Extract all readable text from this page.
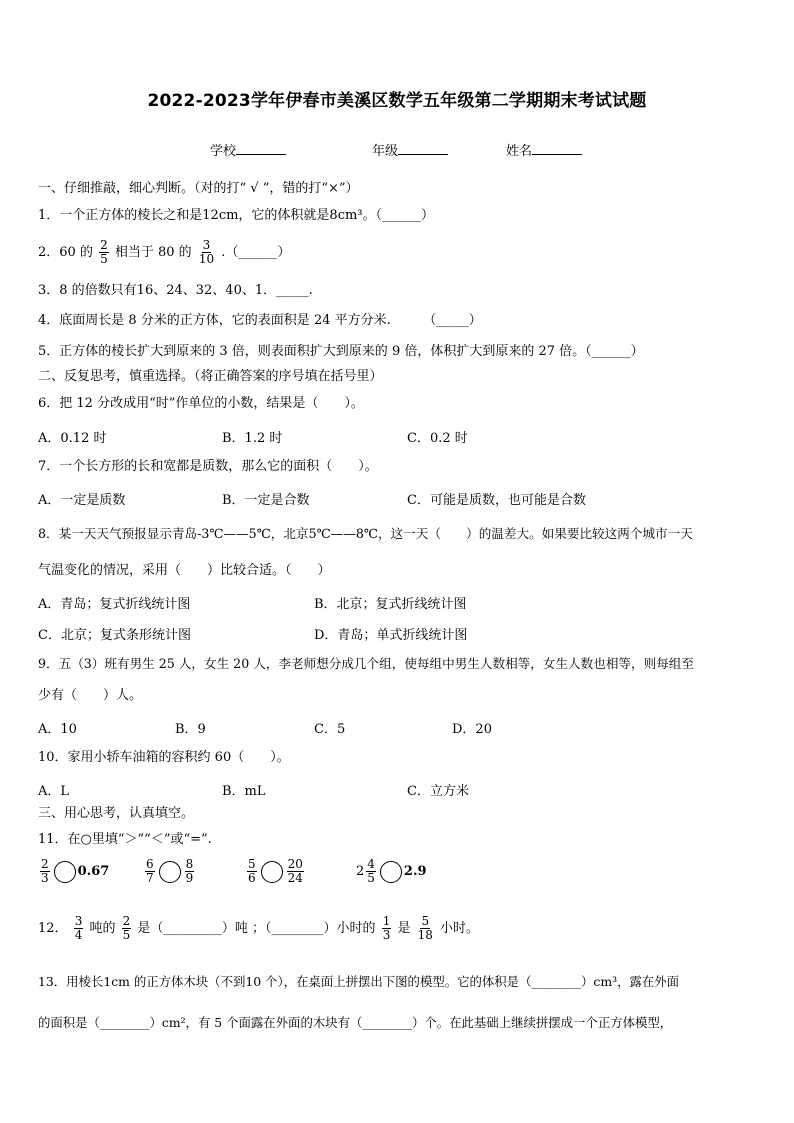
2022-2023学年伊春市美溪区数学五年级第二学期期末考试试题
学校	年级	姓名
一、仔细推敲，细心判断。（对的打“ √ ”，错的打“×”）
1．一个正方体的棱长之和是12cm，它的体积就是8cm³。（______）
2．60 的 $\frac{2}{5}$ 相当于 80 的 $\frac{3}{10}$ .（______）
3．8 的倍数只有16、24、32、40、1．_____.
4．底面周长是 8 分米的正方体，它的表面积是 24 平方分米.　　　（_____）
5．正方体的棱长扩大到原来的 3 倍，则表面积扩大到原来的 9 倍，体积扩大到原来的 27 倍。（______）
二、反复思考，慎重选择。（将正确答案的序号填在括号里）
6．把 12 分改成用“时”作单位的小数，结果是（　　）。
A．0.12 时	B．1.2 时	C．0.2 时
7．一个长方形的长和宽都是质数，那么它的面积（　　）。
A．一定是质数	B．一定是合数	C．可能是质数，也可能是合数
8．某一天天气预报显示青岛-3℃——5℃，北京5℃——8℃，这一天（　　）的温差大。如果要比较这两个城市一天
气温变化的情况，采用（　　）比较合适。（　　）
A．青岛；复式折线统计图	B．北京；复式折线统计图
C．北京；复式条形统计图	D．青岛；单式折线统计图
9．五（3）班有男生 25 人，女生 20 人，李老师想分成几个组，使每组中男生人数相等，女生人数也相等，则每组至
少有（　　）人。
A．10	B．9	C．5	D．20
10．家用小轿车油箱的容积约 60（　　）。
A．L	B．mL	C．立方米
三、用心思考，认真填空。
11．在○里填“＞”“＜”或“=”.
$\frac{2}{3} 0.67$	$\frac{6}{7}$	$\frac{8}{9}$	$\frac{5}{6}$	$\frac{20}{24}$	$2 \frac{4}{5} 2.9$
12． $\frac{3}{4}$ 吨的 $\frac{2}{5}$ 是（_________）吨 ；（________）小时的 $\frac{1}{3}$ 是 $\frac{5}{18}$ 小时。
13．用棱长1cm 的正方体木块（不到10 个），在桌面上拼摆出下图的模型。它的体积是（________）cm³，露在外面
的面积是（________）cm²，有 5 个面露在外面的木块有（________）个。在此基础上继续拼摆成一个正方体模型，
